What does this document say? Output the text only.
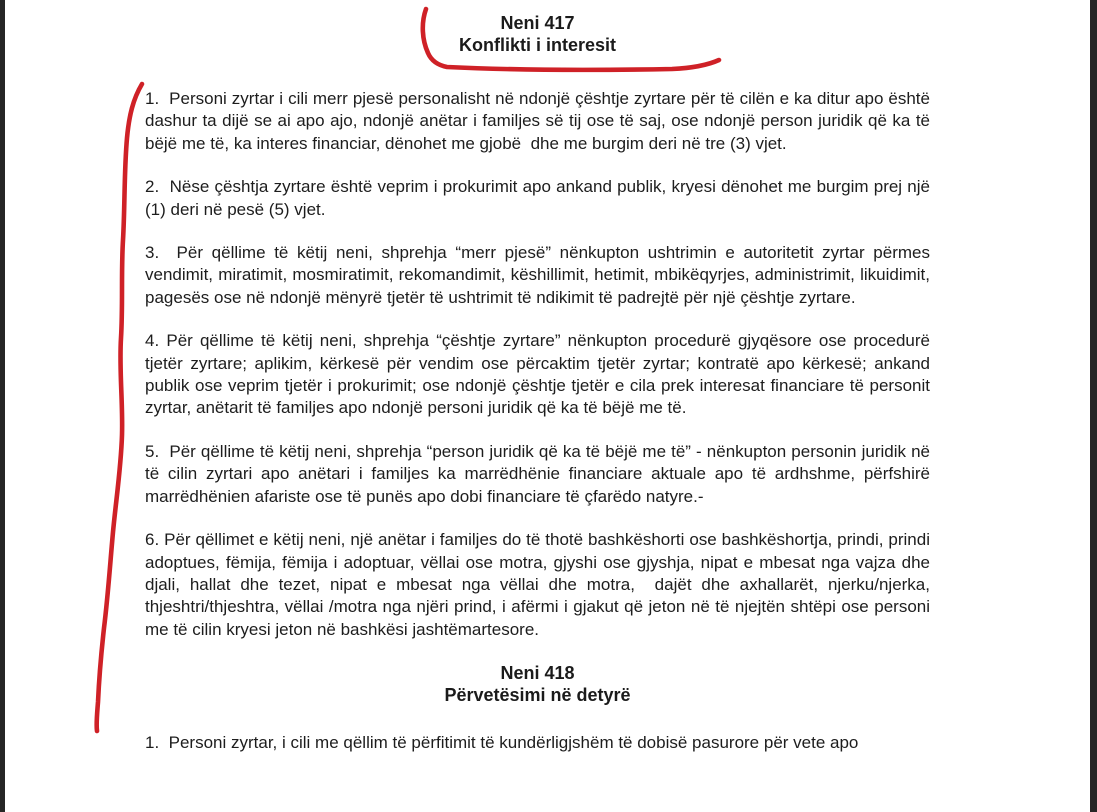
Neni 417
Konflikti i interesit

1.  Personi zyrtar i cili merr pjesë personalisht në ndonjë çështje zyrtare për të cilën e ka ditur apo është dashur ta dijë se ai apo ajo, ndonjë anëtar i familjes së tij ose të saj, ose ndonjë person juridik që ka të bëjë me të, ka interes financiar, dënohet me gjobë  dhe me burgim deri në tre (3) vjet.

2.  Nëse çështja zyrtare është veprim i prokurimit apo ankand publik, kryesi dënohet me burgim prej një (1) deri në pesë (5) vjet.

3.  Për qëllime të këtij neni, shprehja “merr pjesë” nënkupton ushtrimin e autoritetit zyrtar përmes vendimit, miratimit, mosmiratimit, rekomandimit, këshillimit, hetimit, mbikëqyrjes, administrimit, likuidimit, pagesës ose në ndonjë mënyrë tjetër të ushtrimit të ndikimit të padrejtë për një çështje zyrtare.

4. Për qëllime të këtij neni, shprehja “çështje zyrtare” nënkupton procedurë gjyqësore ose procedurë tjetër zyrtare; aplikim, kërkesë për vendim ose përcaktim tjetër zyrtar; kontratë apo kërkesë; ankand publik ose veprim tjetër i prokurimit; ose ndonjë çështje tjetër e cila prek interesat financiare të personit zyrtar, anëtarit të familjes apo ndonjë personi juridik që ka të bëjë me të.

5.  Për qëllime të këtij neni, shprehja “person juridik që ka të bëjë me të” - nënkupton personin juridik në të cilin zyrtari apo anëtari i familjes ka marrëdhënie financiare aktuale apo të ardhshme, përfshirë marrëdhënien afariste ose të punës apo dobi financiare të çfarëdo natyre.-

6. Për qëllimet e këtij neni, një anëtar i familjes do të thotë bashkëshorti ose bashkëshortja, prindi, prindi adoptues, fëmija, fëmija i adoptuar, vëllai ose motra, gjyshi ose gjyshja, nipat e mbesat nga vajza dhe djali, hallat dhe tezet, nipat e mbesat nga vëllai dhe motra,  dajët dhe axhallarët, njerku/njerka, thjeshtri/thjeshtra, vëllai /motra nga njëri prind, i afërmi i gjakut që jeton në të njejtën shtëpi ose personi me të cilin kryesi jeton në bashkësi jashtëmartesore.

Neni 418
Përvetësimi në detyrë

1.  Personi zyrtar, i cili me qëllim të përfitimit të kundërligjshëm të dobisë pasurore për vete apo
